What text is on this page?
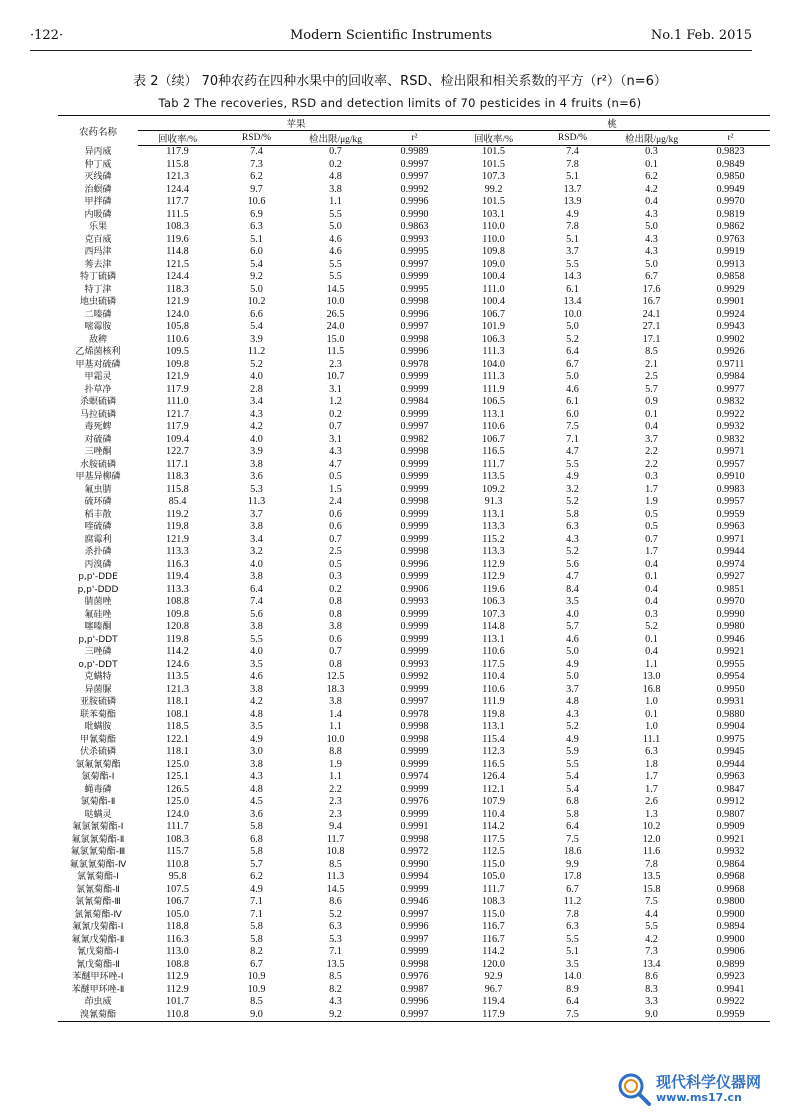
·122·	Modern Scientific Instruments	No.1 Feb. 2015
表 2（续） 70种农药在四种水果中的回收率、RSD、检出限和相关系数的平方（r²）（n=6）
Tab 2 The recoveries, RSD and detection limits of 70 pesticides in 4 fruits (n=6)
农药名称	苹果				桃			
	回收率/%	RSD/%	检出限/μg/kg	r²	回收率/%	RSD/%	检出限/μg/kg	r²
异丙威	117.9	7.4	0.7	0.9989	101.5	7.4	0.3	0.9823
仲丁威	115.8	7.3	0.2	0.9997	101.5	7.8	0.1	0.9849
灭线磷	121.3	6.2	4.8	0.9997	107.3	5.1	6.2	0.9850
治螟磷	124.4	9.7	3.8	0.9992	99.2	13.7	4.2	0.9949
甲拌磷	117.7	10.6	1.1	0.9996	101.5	13.9	0.4	0.9970
内吸磷	111.5	6.9	5.5	0.9990	103.1	4.9	4.3	0.9819
乐果	108.3	6.3	5.0	0.9863	110.0	7.8	5.0	0.9862
克百威	119.6	5.1	4.6	0.9993	110.0	5.1	4.3	0.9763
西玛津	114.8	6.0	4.6	0.9995	109.8	3.7	4.3	0.9919
莠去津	121.5	5.4	5.5	0.9997	109.0	5.5	5.0	0.9913
特丁硫磷	124.4	9.2	5.5	0.9999	100.4	14.3	6.7	0.9858
特丁津	118.3	5.0	14.5	0.9995	111.0	6.1	17.6	0.9929
地虫硫磷	121.9	10.2	10.0	0.9998	100.4	13.4	16.7	0.9901
二嗪磷	124.0	6.6	26.5	0.9996	106.7	10.0	24.1	0.9924
嘧霉胺	105.8	5.4	24.0	0.9997	101.9	5.0	27.1	0.9943
敌稗	110.6	3.9	15.0	0.9998	106.3	5.2	17.1	0.9902
乙烯菌核利	109.5	11.2	11.5	0.9996	111.3	6.4	8.5	0.9926
甲基对硫磷	109.8	5.2	2.3	0.9978	104.0	6.7	2.1	0.9711
甲霜灵	121.9	4.0	10.7	0.9999	111.3	5.0	2.5	0.9984
扑草净	117.9	2.8	3.1	0.9999	111.9	4.6	5.7	0.9977
杀螟硫磷	111.0	3.4	1.2	0.9984	106.5	6.1	0.9	0.9832
马拉硫磷	121.7	4.3	0.2	0.9999	113.1	6.0	0.1	0.9922
毒死蜱	117.9	4.2	0.7	0.9997	110.6	7.5	0.4	0.9932
对硫磷	109.4	4.0	3.1	0.9982	106.7	7.1	3.7	0.9832
三唑酮	122.7	3.9	4.3	0.9998	116.5	4.7	2.2	0.9971
水胺硫磷	117.1	3.8	4.7	0.9999	111.7	5.5	2.2	0.9957
甲基异柳磷	118.3	3.6	0.5	0.9999	113.5	4.9	0.3	0.9910
氟虫腈	115.8	5.3	1.5	0.9999	109.2	3.2	1.7	0.9983
硫环磷	85.4	11.3	2.4	0.9998	91.3	5.2	1.9	0.9957
稻丰散	119.2	3.7	0.6	0.9999	113.1	5.8	0.5	0.9959
喹硫磷	119.8	3.8	0.6	0.9999	113.3	6.3	0.5	0.9963
腐霉利	121.9	3.4	0.7	0.9999	115.2	4.3	0.7	0.9971
杀扑磷	113.3	3.2	2.5	0.9998	113.3	5.2	1.7	0.9944
丙溴磷	116.3	4.0	0.5	0.9996	112.9	5.6	0.4	0.9974
p,p'-DDE	119.4	3.8	0.3	0.9999	112.9	4.7	0.1	0.9927
p,p'-DDD	113.3	6.4	0.2	0.9906	119.6	8.4	0.4	0.9851
腈菌唑	108.8	7.4	0.8	0.9993	106.3	3.5	0.4	0.9970
氟硅唑	109.8	5.6	0.8	0.9999	107.3	4.0	0.3	0.9990
噻嗪酮	120.8	3.8	3.8	0.9999	114.8	5.7	5.2	0.9980
p,p'-DDT	119.8	5.5	0.6	0.9999	113.1	4.6	0.1	0.9946
三唑磷	114.2	4.0	0.7	0.9999	110.6	5.0	0.4	0.9921
o,p'-DDT	124.6	3.5	0.8	0.9993	117.5	4.9	1.1	0.9955
克螨特	113.5	4.6	12.5	0.9992	110.4	5.0	13.0	0.9954
异菌脲	121.3	3.8	18.3	0.9999	110.6	3.7	16.8	0.9950
亚胺硫磷	118.1	4.2	3.8	0.9997	111.9	4.8	1.0	0.9931
联苯菊酯	108.1	4.8	1.4	0.9978	119.8	4.3	0.1	0.9880
吡螨胺	118.5	3.5	1.1	0.9998	113.1	5.2	1.0	0.9904
甲氰菊酯	122.1	4.9	10.0	0.9998	115.4	4.9	11.1	0.9975
伏杀硫磷	118.1	3.0	8.8	0.9999	112.3	5.9	6.3	0.9945
氯氟氰菊酯	125.0	3.8	1.9	0.9999	116.5	5.5	1.8	0.9944
氯菊酯-Ⅰ	125.1	4.3	1.1	0.9974	126.4	5.4	1.7	0.9963
蝇毒磷	126.5	4.8	2.2	0.9999	112.1	5.4	1.7	0.9847
氯菊酯-Ⅱ	125.0	4.5	2.3	0.9976	107.9	6.8	2.6	0.9912
哒螨灵	124.0	3.6	2.3	0.9999	110.4	5.8	1.3	0.9807
氟氯氰菊酯-Ⅰ	111.7	5.8	9.4	0.9991	114.2	6.4	10.2	0.9909
氟氯氰菊酯-Ⅱ	108.3	6.8	11.7	0.9998	117.5	7.5	12.0	0.9921
氟氯氰菊酯-Ⅲ	115.7	5.8	10.8	0.9972	112.5	18.6	11.6	0.9932
氟氯氰菊酯-Ⅳ	110.8	5.7	8.5	0.9990	115.0	9.9	7.8	0.9864
氯氰菊酯-Ⅰ	95.8	6.2	11.3	0.9994	105.0	17.8	13.5	0.9968
氯氰菊酯-Ⅱ	107.5	4.9	14.5	0.9999	111.7	6.7	15.8	0.9968
氯氰菊酯-Ⅲ	106.7	7.1	8.6	0.9946	108.3	11.2	7.5	0.9800
氯氰菊酯-Ⅳ	105.0	7.1	5.2	0.9997	115.0	7.8	4.4	0.9900
氟氰戊菊酯-Ⅰ	118.8	5.8	6.3	0.9996	116.7	6.3	5.5	0.9894
氟氰戊菊酯-Ⅱ	116.3	5.8	5.3	0.9997	116.7	5.5	4.2	0.9900
氰戊菊酯-Ⅰ	113.0	8.2	7.1	0.9999	114.2	5.1	7.3	0.9906
氰戊菊酯-Ⅱ	108.8	6.7	13.5	0.9998	120.0	3.5	13.4	0.9899
苯醚甲环唑-Ⅰ	112.9	10.9	8.5	0.9976	92.9	14.0	8.6	0.9923
苯醚甲环唑-Ⅱ	112.9	10.9	8.2	0.9987	96.7	8.9	8.3	0.9941
茚虫威	101.7	8.5	4.3	0.9996	119.4	6.4	3.3	0.9922
溴氰菊酯	110.8	9.0	9.2	0.9997	117.9	7.5	9.0	0.9959
现代科学仪器网
www.ms17.cn
